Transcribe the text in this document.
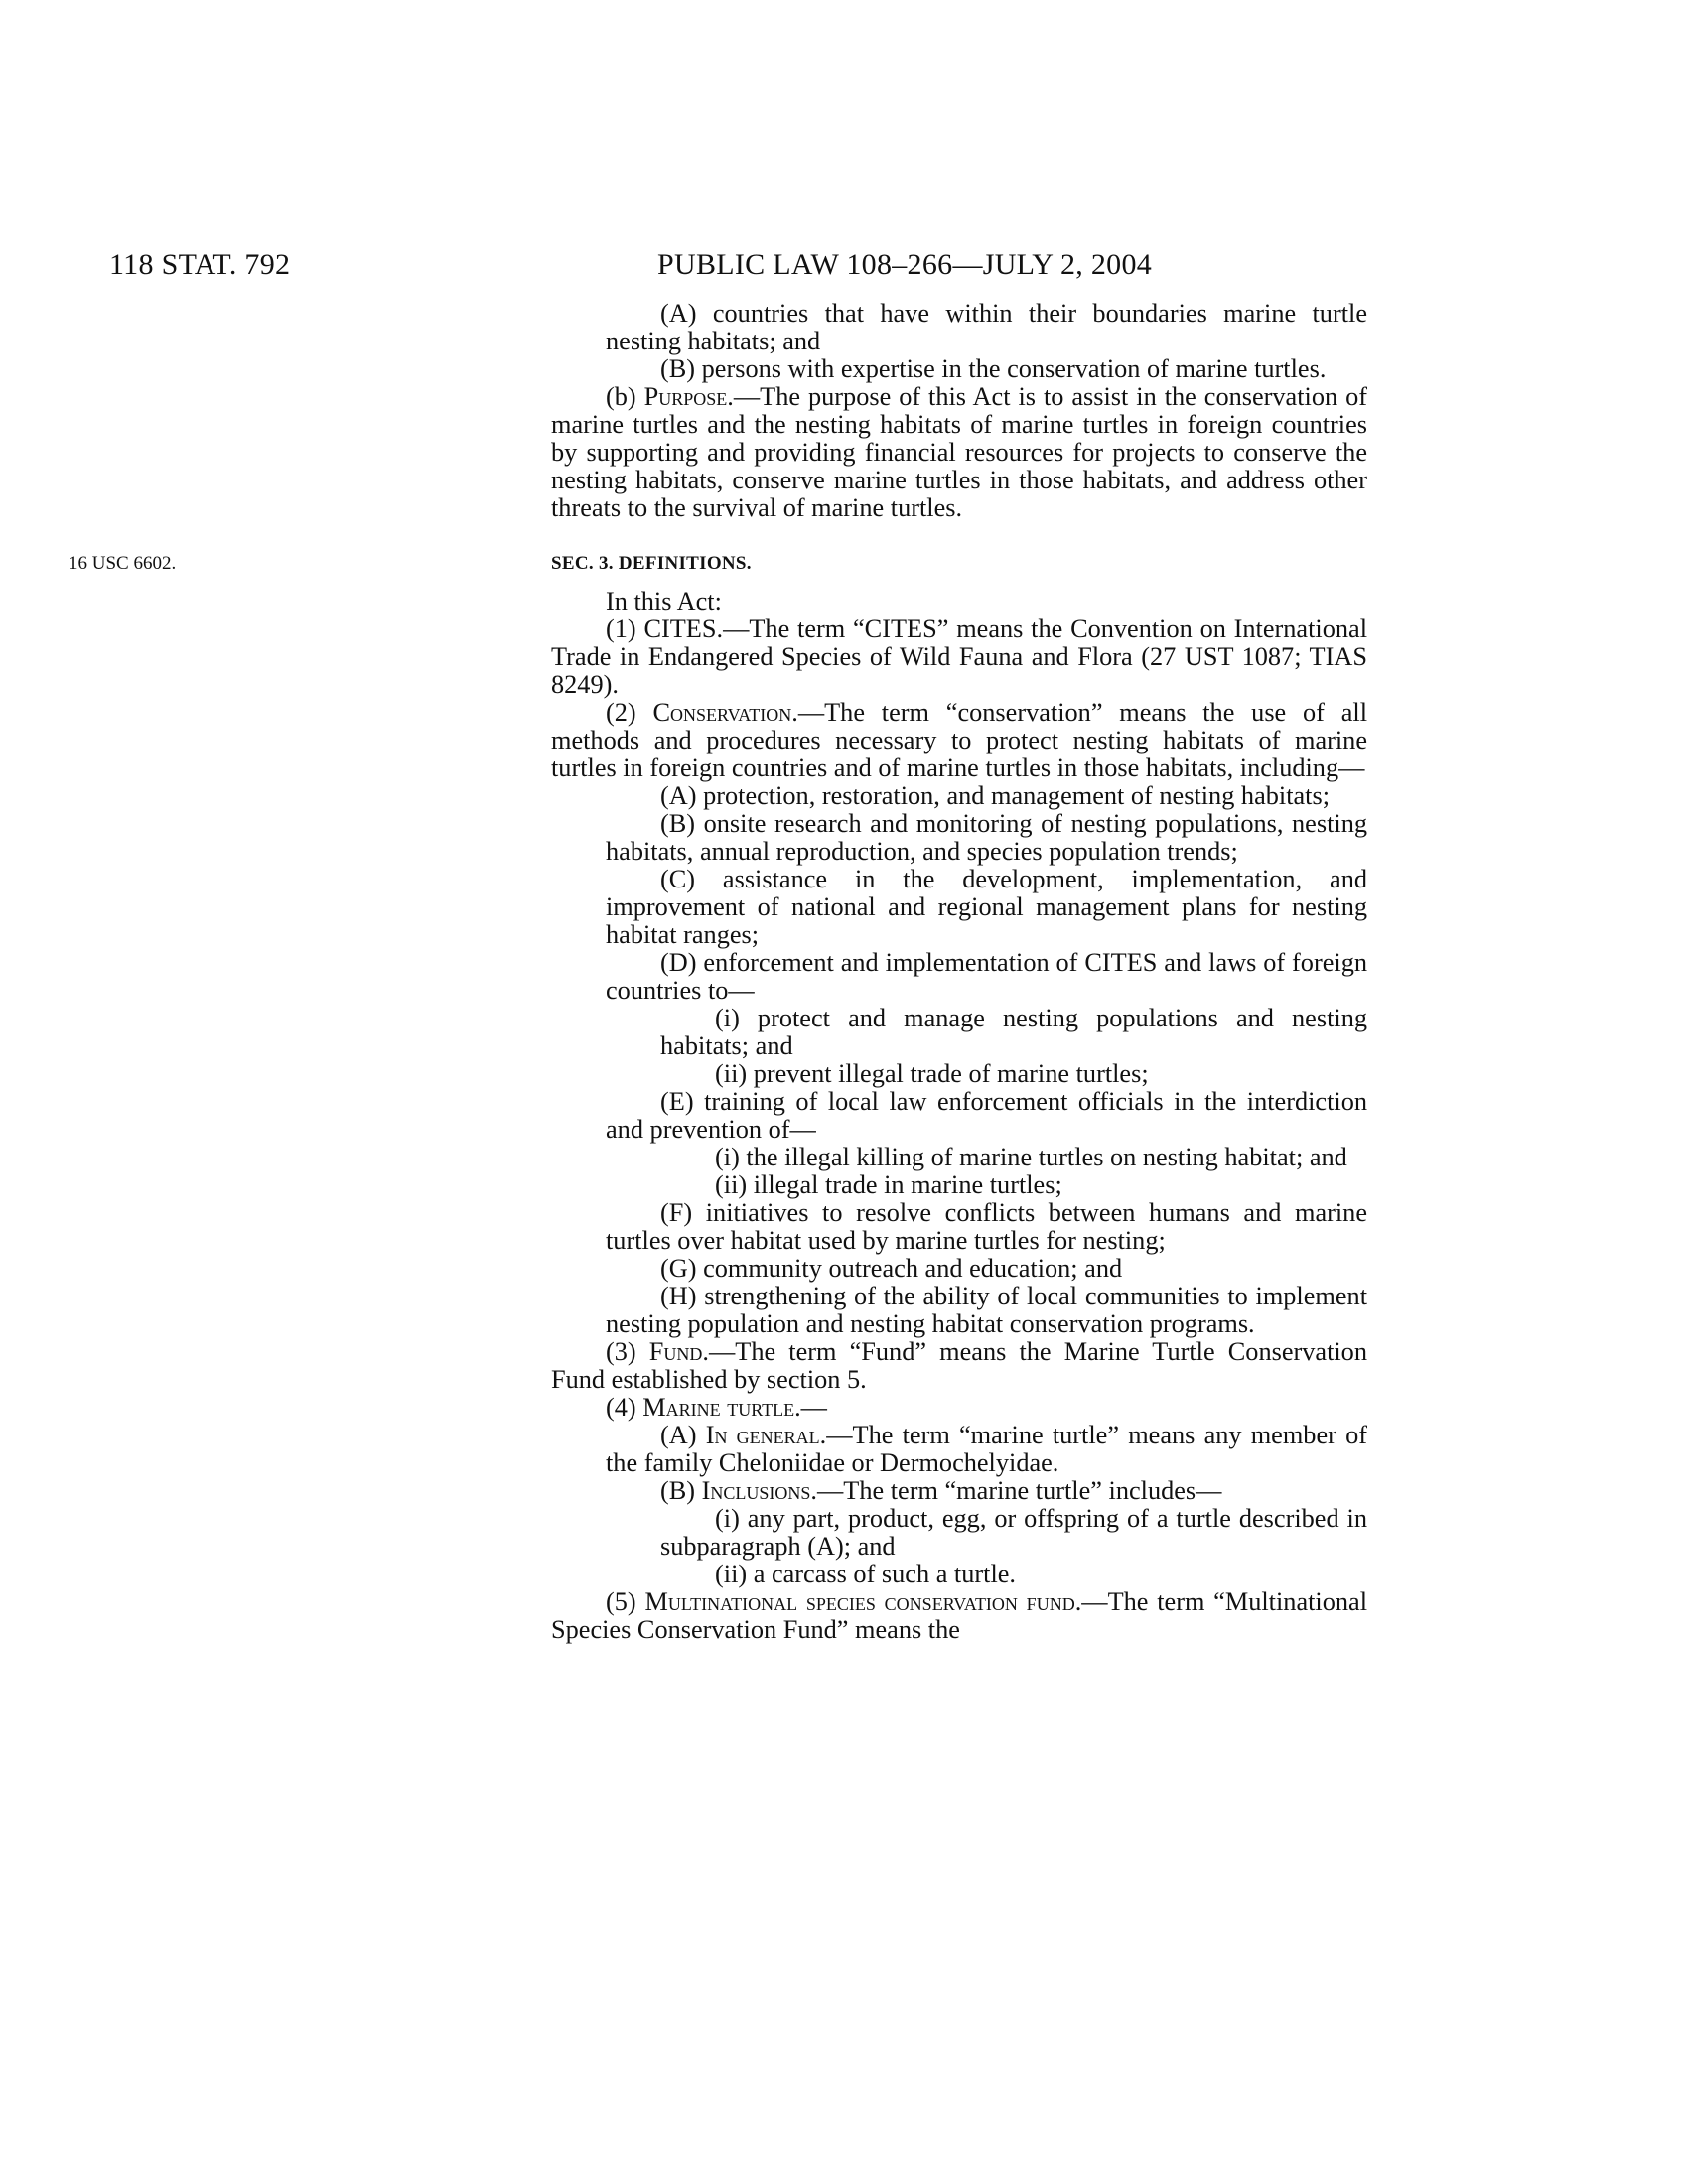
118 STAT. 792	PUBLIC LAW 108–266—JULY 2, 2004

(A) countries that have within their boundaries marine turtle nesting habitats; and

(B) persons with expertise in the conservation of marine turtles.

(b) Purpose.—The purpose of this Act is to assist in the conservation of marine turtles and the nesting habitats of marine turtles in foreign countries by supporting and providing financial resources for projects to conserve the nesting habitats, conserve marine turtles in those habitats, and address other threats to the survival of marine turtles.

16 USC 6602.	SEC. 3. DEFINITIONS.

In this Act:

(1) CITES.—The term “CITES” means the Convention on International Trade in Endangered Species of Wild Fauna and Flora (27 UST 1087; TIAS 8249).

(2) Conservation.—The term “conservation” means the use of all methods and procedures necessary to protect nesting habitats of marine turtles in foreign countries and of marine turtles in those habitats, including—

(A) protection, restoration, and management of nesting habitats;

(B) onsite research and monitoring of nesting populations, nesting habitats, annual reproduction, and species population trends;

(C) assistance in the development, implementation, and improvement of national and regional management plans for nesting habitat ranges;

(D) enforcement and implementation of CITES and laws of foreign countries to—

(i) protect and manage nesting populations and nesting habitats; and

(ii) prevent illegal trade of marine turtles;

(E) training of local law enforcement officials in the interdiction and prevention of—

(i) the illegal killing of marine turtles on nesting habitat; and

(ii) illegal trade in marine turtles;

(F) initiatives to resolve conflicts between humans and marine turtles over habitat used by marine turtles for nesting;

(G) community outreach and education; and

(H) strengthening of the ability of local communities to implement nesting population and nesting habitat conservation programs.

(3) Fund.—The term “Fund” means the Marine Turtle Conservation Fund established by section 5.

(4) Marine turtle.—

(A) In general.—The term “marine turtle” means any member of the family Cheloniidae or Dermochelyidae.

(B) Inclusions.—The term “marine turtle” includes—

(i) any part, product, egg, or offspring of a turtle described in subparagraph (A); and

(ii) a carcass of such a turtle.

(5) Multinational species conservation fund.—The term “Multinational Species Conservation Fund” means the
